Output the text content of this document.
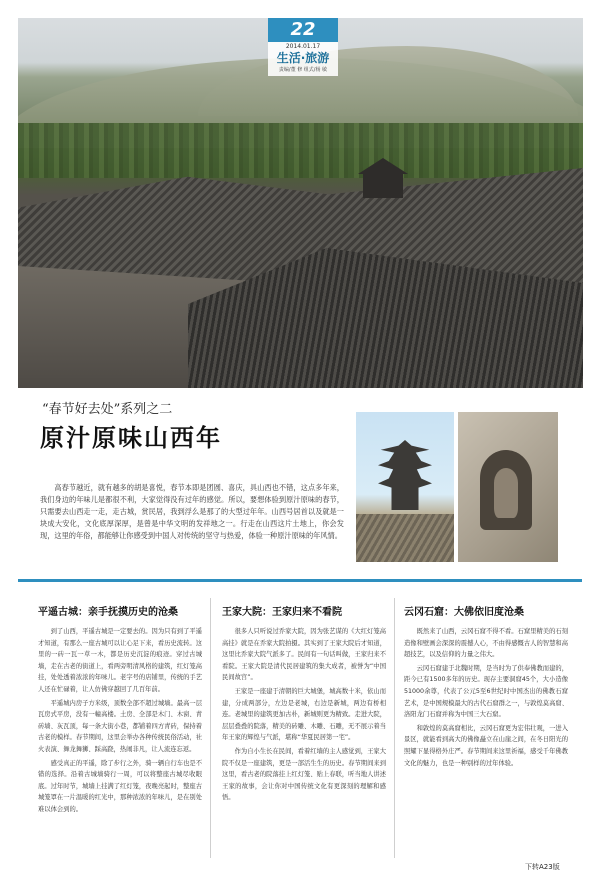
22
2014.01.17
生活·旅游
责编/董 修 组式/杨 敏
“春节好去处”系列之二
原汁原味山西年

高春节越近，就有越多的胡是喜悦，春节本即是团圆、喜庆，具山西也不错，这点多年来，我们身边的年味儿是都很不利，大家觉得没有过年的感觉。所以，要想体验到原汁原味的春节，只需要去山西走一走，走古城，赏民居，我到浮么是那了的大型过年年。山西号居首以及就是一块成大安化，文化底厚深厚，是曾是中华文明的发祥地之一。行走在山西这片土地上，你会发现，这里的年俗，都能够让你感受到中国人对传统的坚守与热爱，体验一种原汁原味的年风情。

平遥古城：亲手抚摸历史的沧桑

到了山西，平遥古城是一定要去的。因为只有到了平遥才知道，有那么一座古城可以让心足下来，看历史流转。这里的一砖一瓦一草一木，都是历史沉淀的痕迹。穿过古城墙，走在古老的街道上，看两旁明清风格的建筑，红灯笼高挂，处处透着浓浓的年味儿。老字号的店铺里，传统的手艺人还在忙碌着，让人仿佛穿越回了几百年前。

平遥城内房子方米级，顶数全部不超过城墙。最高一层瓦房式平房，没有一幢高楼。土房、全部是木门、木窗、青砖墙、灰瓦顶，每一条大街小巷，都铺着四方青砖，保持着古老的模样。春节期间，这里会举办各种传统民俗活动，社火表演、舞龙舞狮、踩高跷，热闹非凡，让人流连忘返。

感受真正的平遥，除了步行之外，骑一辆自行车也是不错的选择。沿着古城墙骑行一周，可以将整座古城尽收眼底。过年时节，城墙上挂满了红灯笼，夜晚亮起时，整座古城笼罩在一片温暖的红光中，那种浓浓的年味儿，是在别处难以体会到的。

王家大院：王家归来不看院

很多人只听说过乔家大院，因为张艺谋的《大红灯笼高高挂》就是在乔家大院拍摄。其实到了王家大院后才知道，这里比乔家大院气派多了。民间有一句话叫做，王家归来不看院。王家大院是清代民居建筑的集大成者，被誉为“中国民间故宫”。

王家是一座建于清朝的巨大城堡，城高数十米，依山而建，分成两部分，左边是老城，右边是新城，两边有桥相连。老城里的建筑更加古朴，新城则更为精致。走进大院，层层叠叠的院落，精美的砖雕、木雕、石雕，无不展示着当年王家的辉煌与气派，堪称“华夏民居第一宅”。

作为自小生长在民间，看着红墙的主人感觉到，王家大院不仅是一座建筑，更是一部活生生的历史。春节期间来到这里，看古老的院落挂上红灯笼、贴上春联，听当地人讲述王家的故事，会让你对中国传统文化有更深刻的理解和感悟。

云冈石窟：大佛依旧度沧桑

既然来了山西，云冈石窟不得不看。石窟里精美的石刻造像和壁画会深深的震撼人心，不由得感慨古人的智慧和高超技艺，以及信仰的力量之伟大。

云冈石窟建于北魏时期，是当时为了供奉佛教而建的，距今已有1500多年的历史。现存主要洞窟45个，大小造像51000余尊，代表了公元5至6世纪时中国杰出的佛教石窟艺术，是中国规模最大的古代石窟群之一，与敦煌莫高窟、洛阳龙门石窟并称为中国三大石窟。

和敦煌的莫高窟相比，云冈石窟更为宏伟壮观，一进入景区，就能看到高大的佛像矗立在山崖之间，在冬日阳光的照耀下显得格外庄严。春节期间来这里祈福，感受千年佛教文化的魅力，也是一种别样的过年体验。

下转A23版
